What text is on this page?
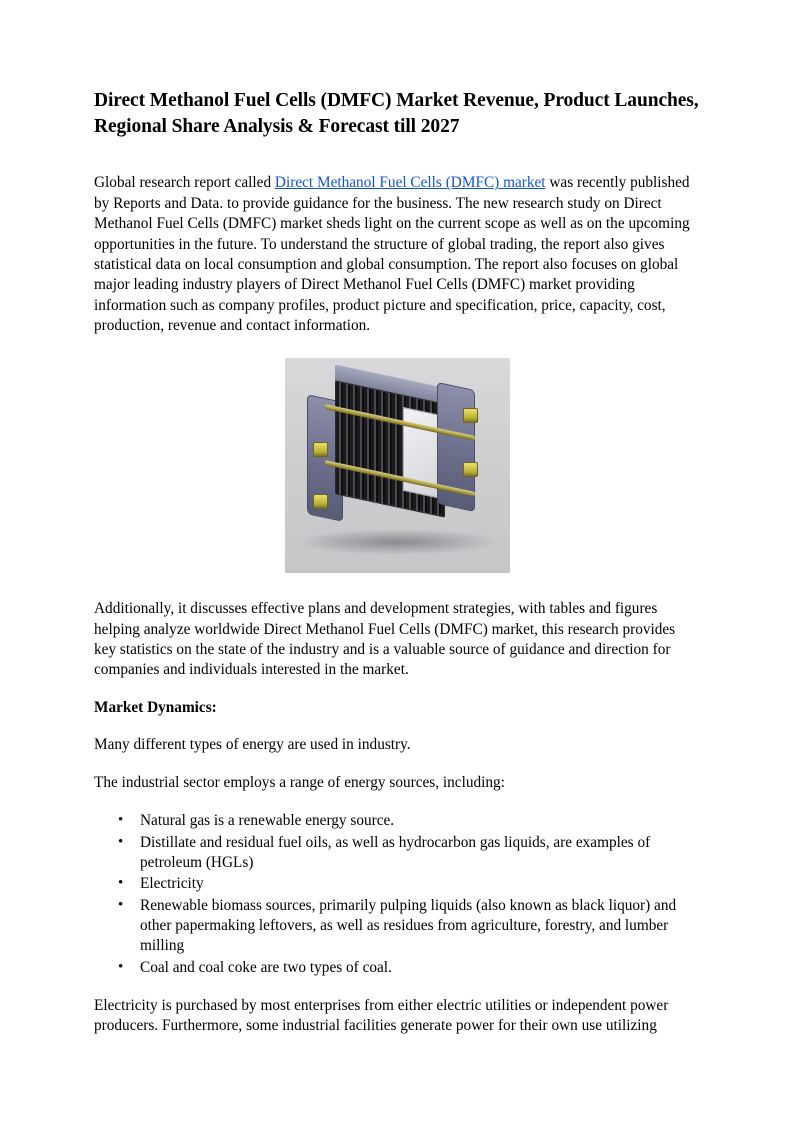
Direct Methanol Fuel Cells (DMFC) Market Revenue, Product Launches, Regional Share Analysis & Forecast till 2027

Global research report called Direct Methanol Fuel Cells (DMFC) market was recently published by Reports and Data. to provide guidance for the business. The new research study on Direct Methanol Fuel Cells (DMFC) market sheds light on the current scope as well as on the upcoming opportunities in the future. To understand the structure of global trading, the report also gives statistical data on local consumption and global consumption. The report also focuses on global major leading industry players of Direct Methanol Fuel Cells (DMFC) market providing information such as company profiles, product picture and specification, price, capacity, cost, production, revenue and contact information.

Additionally, it discusses effective plans and development strategies, with tables and figures helping analyze worldwide Direct Methanol Fuel Cells (DMFC) market, this research provides key statistics on the state of the industry and is a valuable source of guidance and direction for companies and individuals interested in the market.

Market Dynamics:

Many different types of energy are used in industry.

The industrial sector employs a range of energy sources, including:

• Natural gas is a renewable energy source.
• Distillate and residual fuel oils, as well as hydrocarbon gas liquids, are examples of petroleum (HGLs)
• Electricity
• Renewable biomass sources, primarily pulping liquids (also known as black liquor) and other papermaking leftovers, as well as residues from agriculture, forestry, and lumber milling
• Coal and coal coke are two types of coal.

Electricity is purchased by most enterprises from either electric utilities or independent power producers. Furthermore, some industrial facilities generate power for their own use utilizing
